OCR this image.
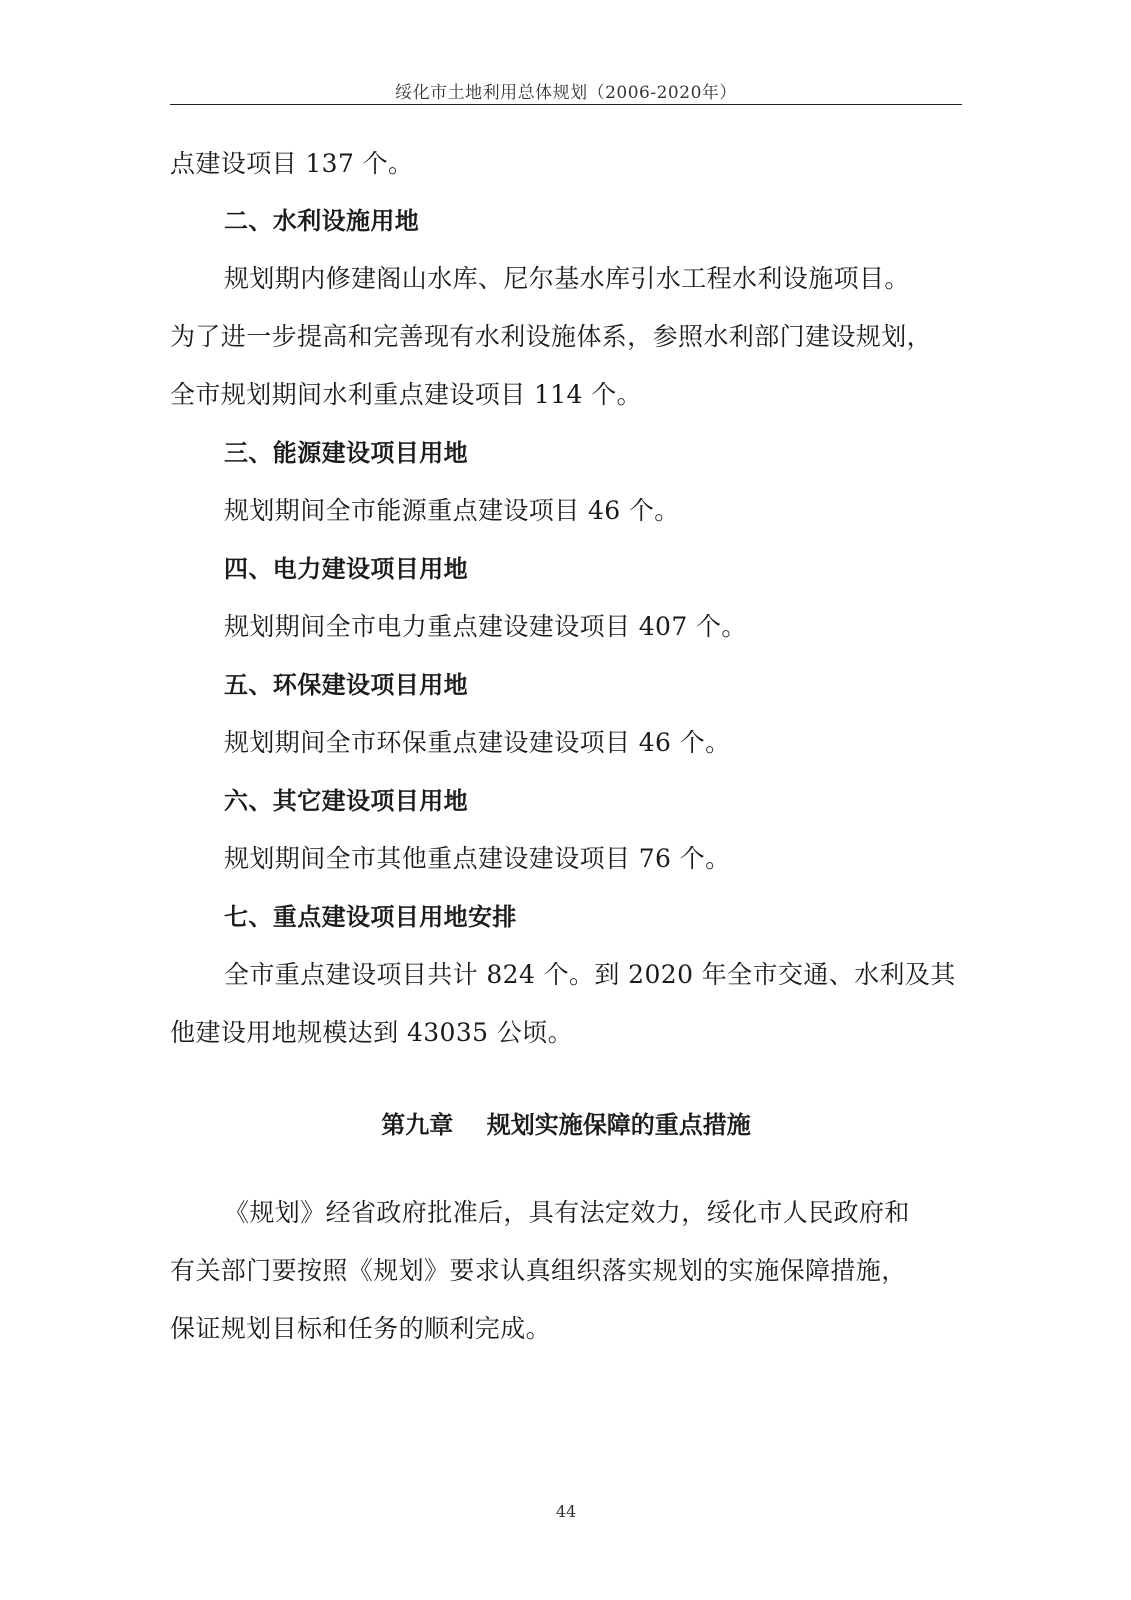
绥化市土地利用总体规划（2006-2020年）
点建设项目 137 个。
二、水利设施用地
规划期内修建阁山水库、尼尔基水库引水工程水利设施项目。
为了进一步提高和完善现有水利设施体系，参照水利部门建设规划，
全市规划期间水利重点建设项目 114 个。
三、能源建设项目用地
规划期间全市能源重点建设项目 46 个。
四、电力建设项目用地
规划期间全市电力重点建设建设项目 407 个。
五、环保建设项目用地
规划期间全市环保重点建设建设项目 46 个。
六、其它建设项目用地
规划期间全市其他重点建设建设项目 76 个。
七、重点建设项目用地安排
全市重点建设项目共计 824 个。到 2020 年全市交通、水利及其
他建设用地规模达到 43035 公顷。
第九章    规划实施保障的重点措施
《规划》经省政府批准后，具有法定效力，绥化市人民政府和
有关部门要按照《规划》要求认真组织落实规划的实施保障措施，
保证规划目标和任务的顺利完成。
44
